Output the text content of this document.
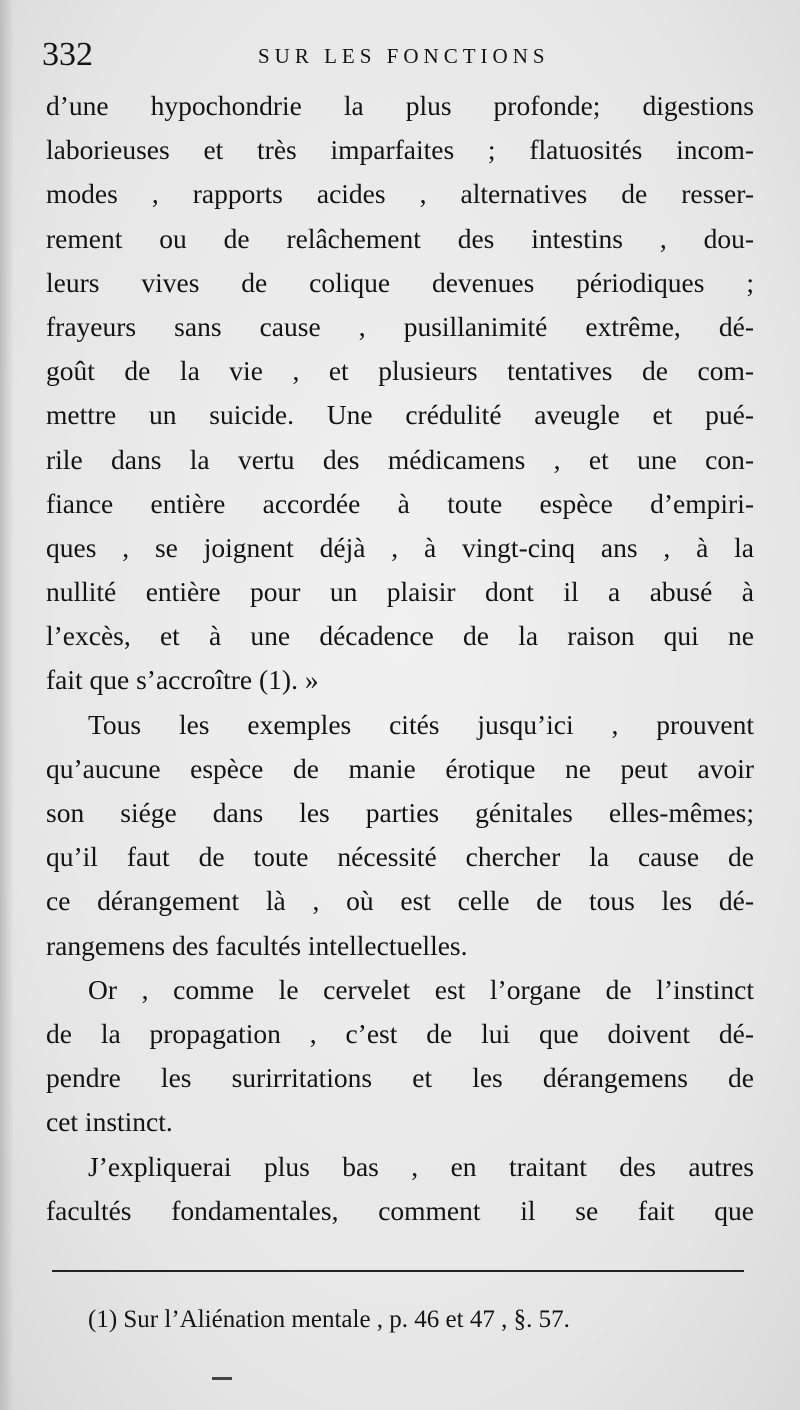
332	SUR LES FONCTIONS
d’une hypochondrie la plus profonde; digestions
laborieuses et très imparfaites ; flatuosités incom-
modes , rapports acides , alternatives de resser-
rement ou de relâchement des intestins , dou-
leurs vives de colique devenues périodiques ;
frayeurs sans cause , pusillanimité extrême, dé-
goût de la vie , et plusieurs tentatives de com-
mettre un suicide. Une crédulité aveugle et pué-
rile dans la vertu des médicamens , et une con-
fiance entière accordée à toute espèce d’empiri-
ques , se joignent déjà , à vingt-cinq ans , à la
nullité entière pour un plaisir dont il a abusé à
l’excès, et à une décadence de la raison qui ne
fait que s’accroître (1). »
Tous les exemples cités jusqu’ici , prouvent
qu’aucune espèce de manie érotique ne peut avoir
son siége dans les parties génitales elles-mêmes;
qu’il faut de toute nécessité chercher la cause de
ce dérangement là , où est celle de tous les dé-
rangemens des facultés intellectuelles.
Or , comme le cervelet est l’organe de l’instinct
de la propagation , c’est de lui que doivent dé-
pendre les surirritations et les dérangemens de
cet instinct.
J’expliquerai plus bas , en traitant des autres
facultés fondamentales, comment il se fait que
(1) Sur l’Aliénation mentale , p. 46 et 47 , §. 57.
